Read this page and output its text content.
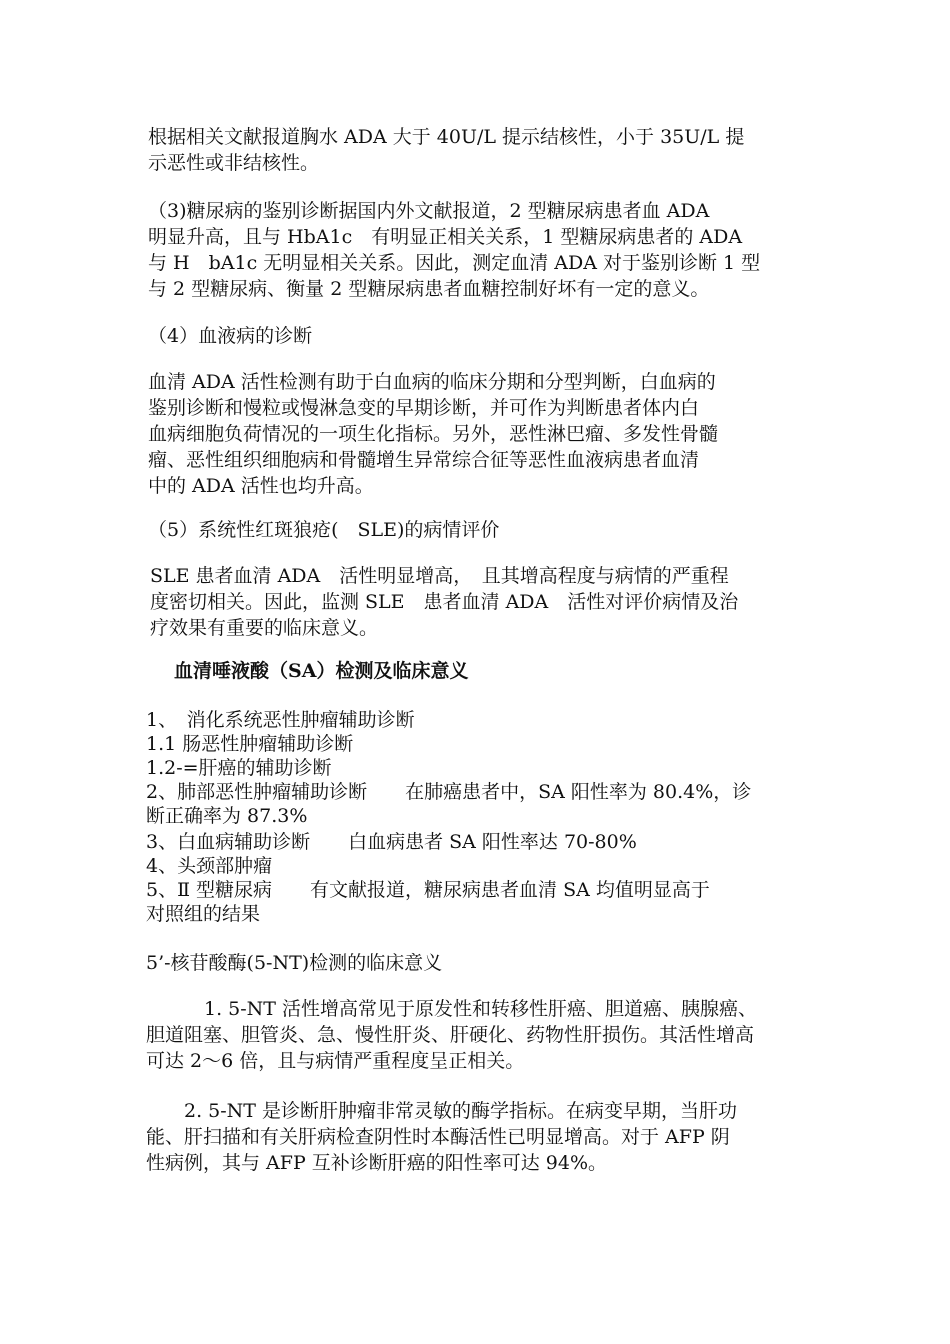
根据相关文献报道胸水 ADA 大于 40U/L 提示结核性，小于 35U/L 提
示恶性或非结核性。
（3)糖尿病的鉴别诊断据国内外文献报道，2 型糖尿病患者血 ADA
明显升高，且与 HbA1c　有明显正相关关系，1 型糖尿病患者的 ADA
与 H　bA1c 无明显相关关系。因此，测定血清 ADA 对于鉴别诊断 1 型
与 2 型糖尿病、衡量 2 型糖尿病患者血糖控制好坏有一定的意义。
（4）血液病的诊断
血清 ADA 活性检测有助于白血病的临床分期和分型判断，白血病的
鉴别诊断和慢粒或慢淋急变的早期诊断，并可作为判断患者体内白
血病细胞负荷情况的一项生化指标。另外，恶性淋巴瘤、多发性骨髓
瘤、恶性组织细胞病和骨髓增生异常综合征等恶性血液病患者血清
中的 ADA 活性也均升高。
（5）系统性红斑狼疮(　SLE)的病情评价
SLE 患者血清 ADA　活性明显增高，　且其增高程度与病情的严重程
度密切相关。因此，监测 SLE　患者血清 ADA　活性对评价病情及治
疗效果有重要的临床意义。
血清唾液酸（SA）检测及临床意义
1、　消化系统恶性肿瘤辅助诊断
1.1 肠恶性肿瘤辅助诊断
1.2-=肝癌的辅助诊断
2、肺部恶性肿瘤辅助诊断　　在肺癌患者中，SA 阳性率为 80.4%，诊
断正确率为 87.3%
3、白血病辅助诊断　　白血病患者 SA 阳性率达 70-80%
4、头颈部肿瘤
5、Ⅱ 型糖尿病　　有文献报道，糖尿病患者血清 SA 均值明显高于
对照组的结果
5’-核苷酸酶(5-NT)检测的临床意义
1. 5-NT 活性增高常见于原发性和转移性肝癌、胆道癌、胰腺癌、
胆道阻塞、胆管炎、急、慢性肝炎、肝硬化、药物性肝损伤。其活性增高
可达 2～6 倍，且与病情严重程度呈正相关。
2. 5-NT 是诊断肝肿瘤非常灵敏的酶学指标。在病变早期，当肝功
能、肝扫描和有关肝病检查阴性时本酶活性已明显增高。对于 AFP 阴
性病例，其与 AFP 互补诊断肝癌的阳性率可达 94%。
